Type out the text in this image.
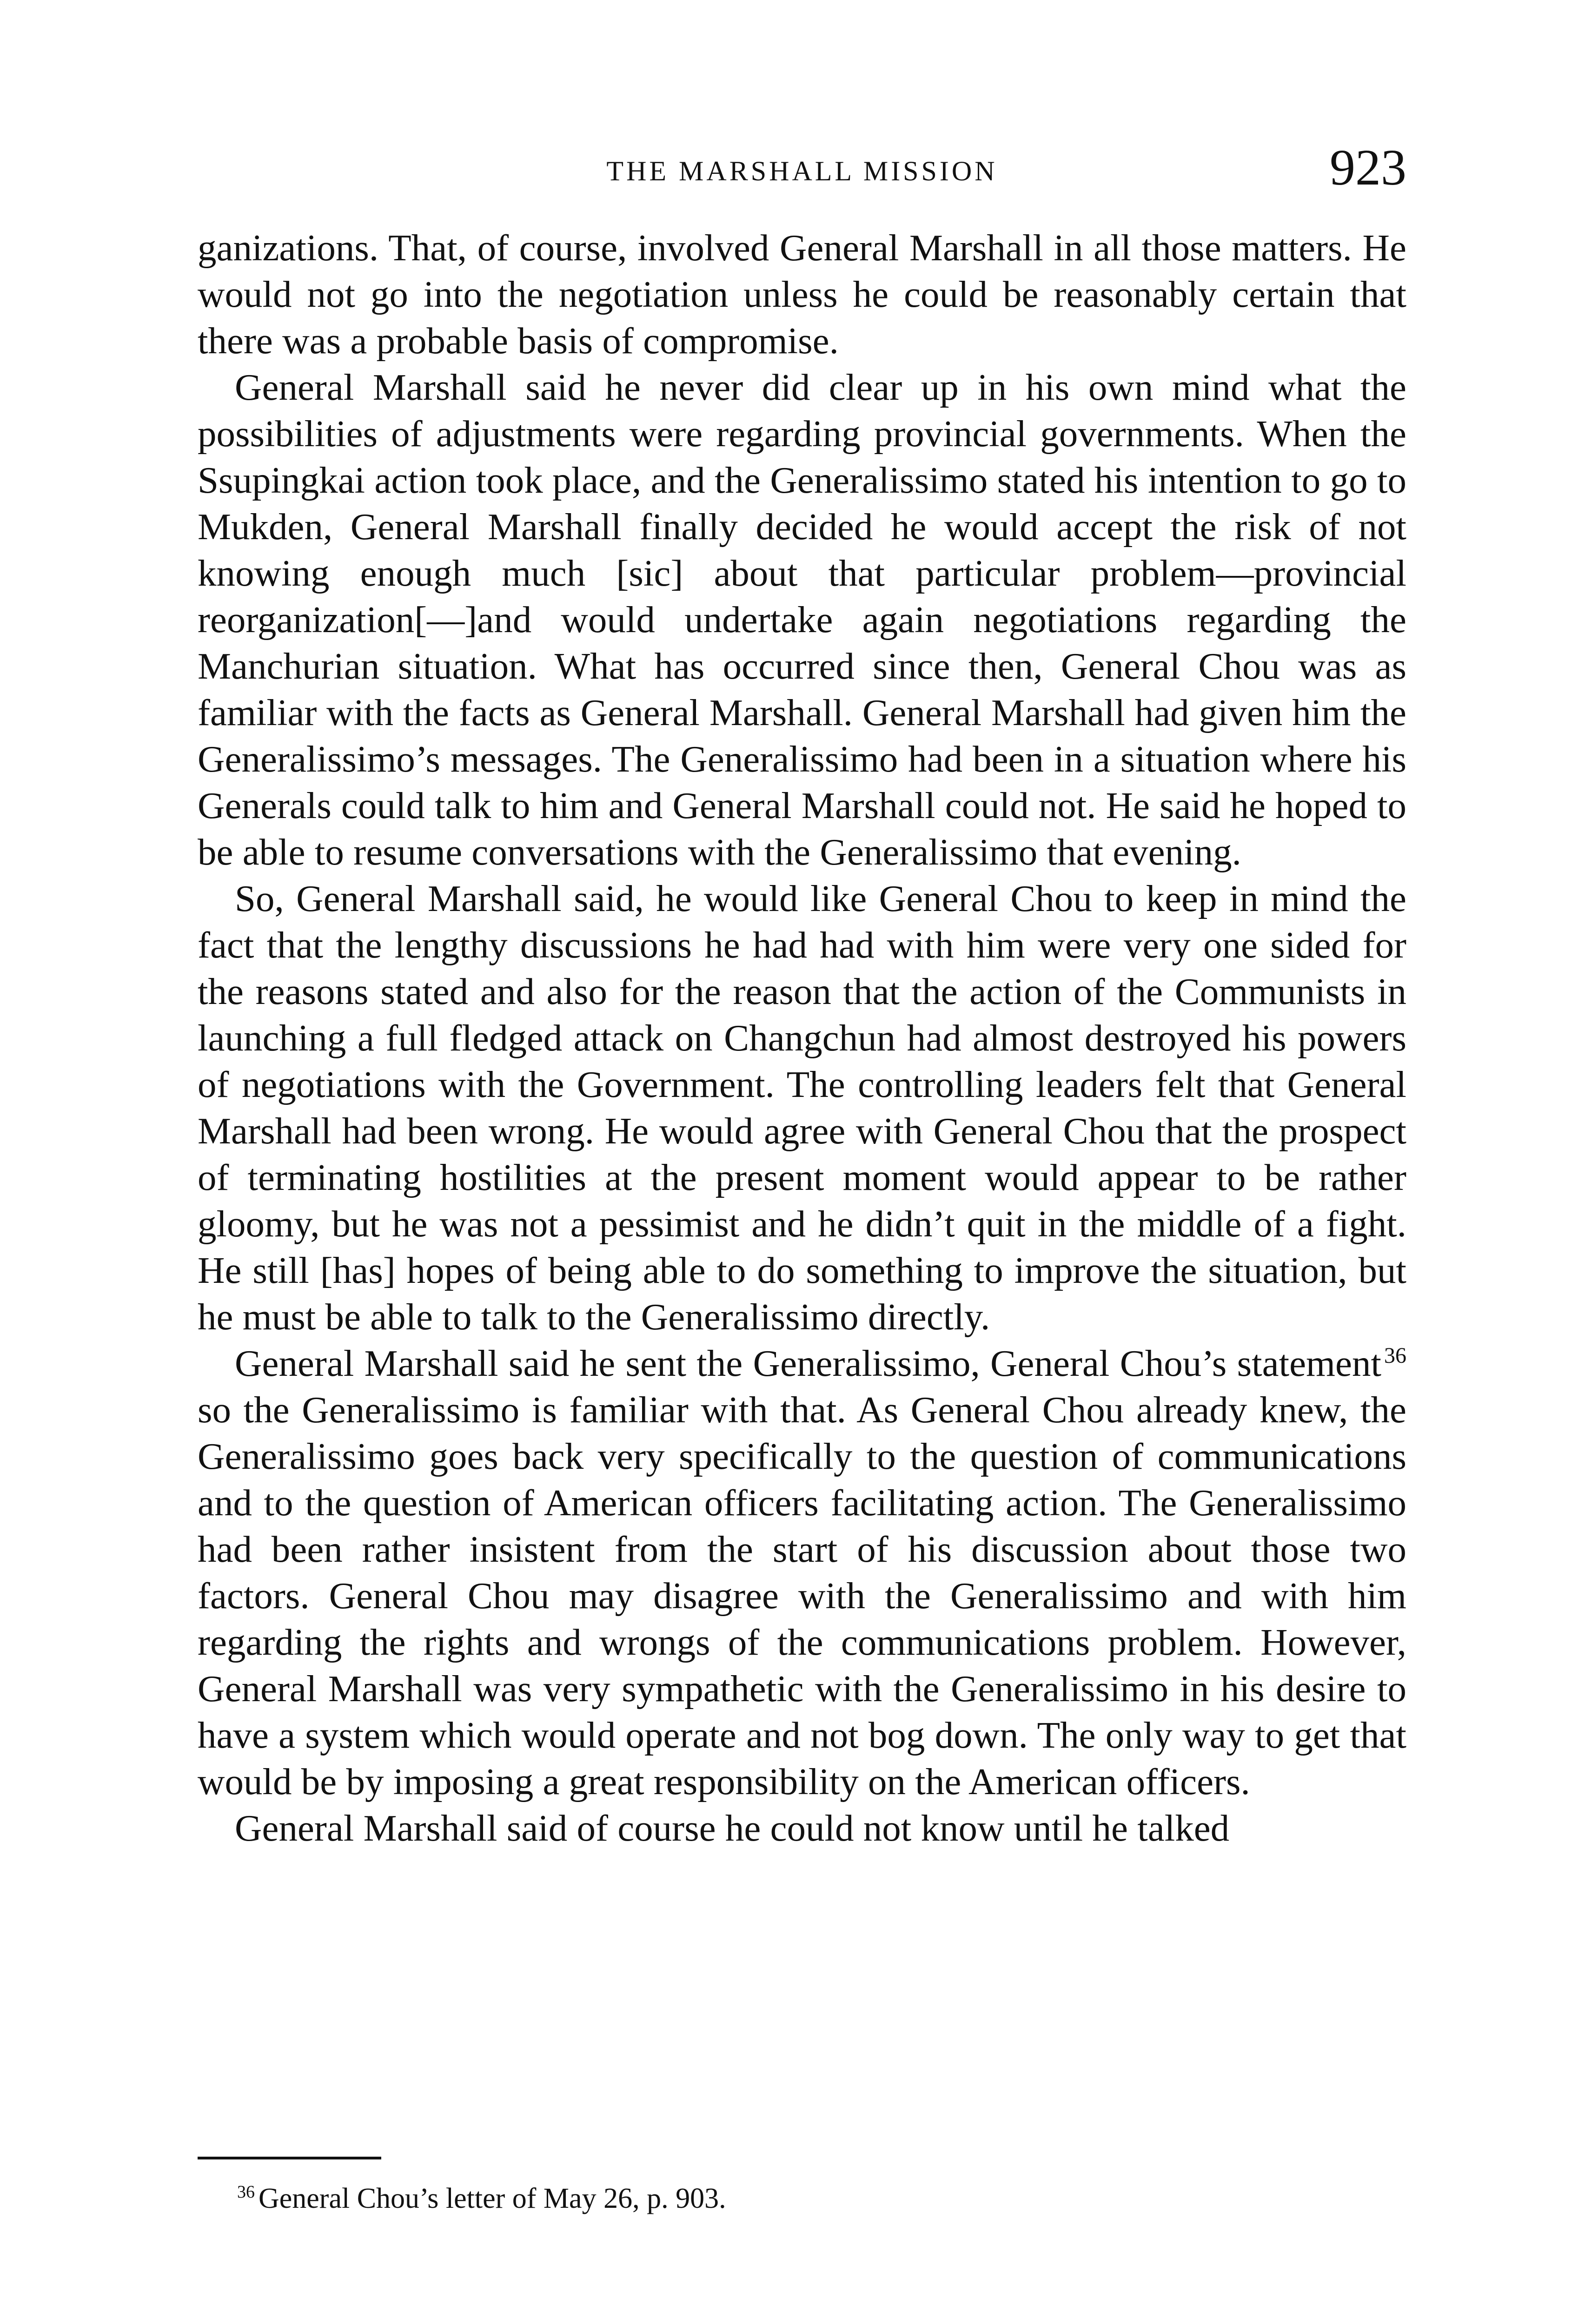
THE MARSHALL MISSION	923

ganizations. That, of course, involved General Marshall in all those matters. He would not go into the negotiation unless he could be reasonably certain that there was a probable basis of compromise.

General Marshall said he never did clear up in his own mind what the possibilities of adjustments were regarding provincial governments. When the Ssupingkai action took place, and the Generalissimo stated his intention to go to Mukden, General Marshall finally decided he would accept the risk of not knowing enough much [sic] about that particular problem—provincial reorganization[—]and would undertake again negotiations regarding the Manchurian situation. What has occurred since then, General Chou was as familiar with the facts as General Marshall. General Marshall had given him the Generalissimo’s messages. The Generalissimo had been in a situation where his Generals could talk to him and General Marshall could not. He said he hoped to be able to resume conversations with the Generalissimo that evening.

So, General Marshall said, he would like General Chou to keep in mind the fact that the lengthy discussions he had had with him were very one sided for the reasons stated and also for the reason that the action of the Communists in launching a full fledged attack on Changchun had almost destroyed his powers of negotiations with the Government. The controlling leaders felt that General Marshall had been wrong. He would agree with General Chou that the prospect of terminating hostilities at the present moment would appear to be rather gloomy, but he was not a pessimist and he didn’t quit in the middle of a fight. He still [has] hopes of being able to do something to improve the situation, but he must be able to talk to the Generalissimo directly.

General Marshall said he sent the Generalissimo, General Chou’s statement $^{36}$ so the Generalissimo is familiar with that. As General Chou already knew, the Generalissimo goes back very specifically to the question of communications and to the question of American officers facilitating action. The Generalissimo had been rather insistent from the start of his discussion about those two factors. General Chou may disagree with the Generalissimo and with him regarding the rights and wrongs of the communications problem. However, General Marshall was very sympathetic with the Generalissimo in his desire to have a system which would operate and not bog down. The only way to get that would be by imposing a great responsibility on the American officers.

General Marshall said of course he could not know until he talked

$^{36}$ General Chou’s letter of May 26, p. 903.
